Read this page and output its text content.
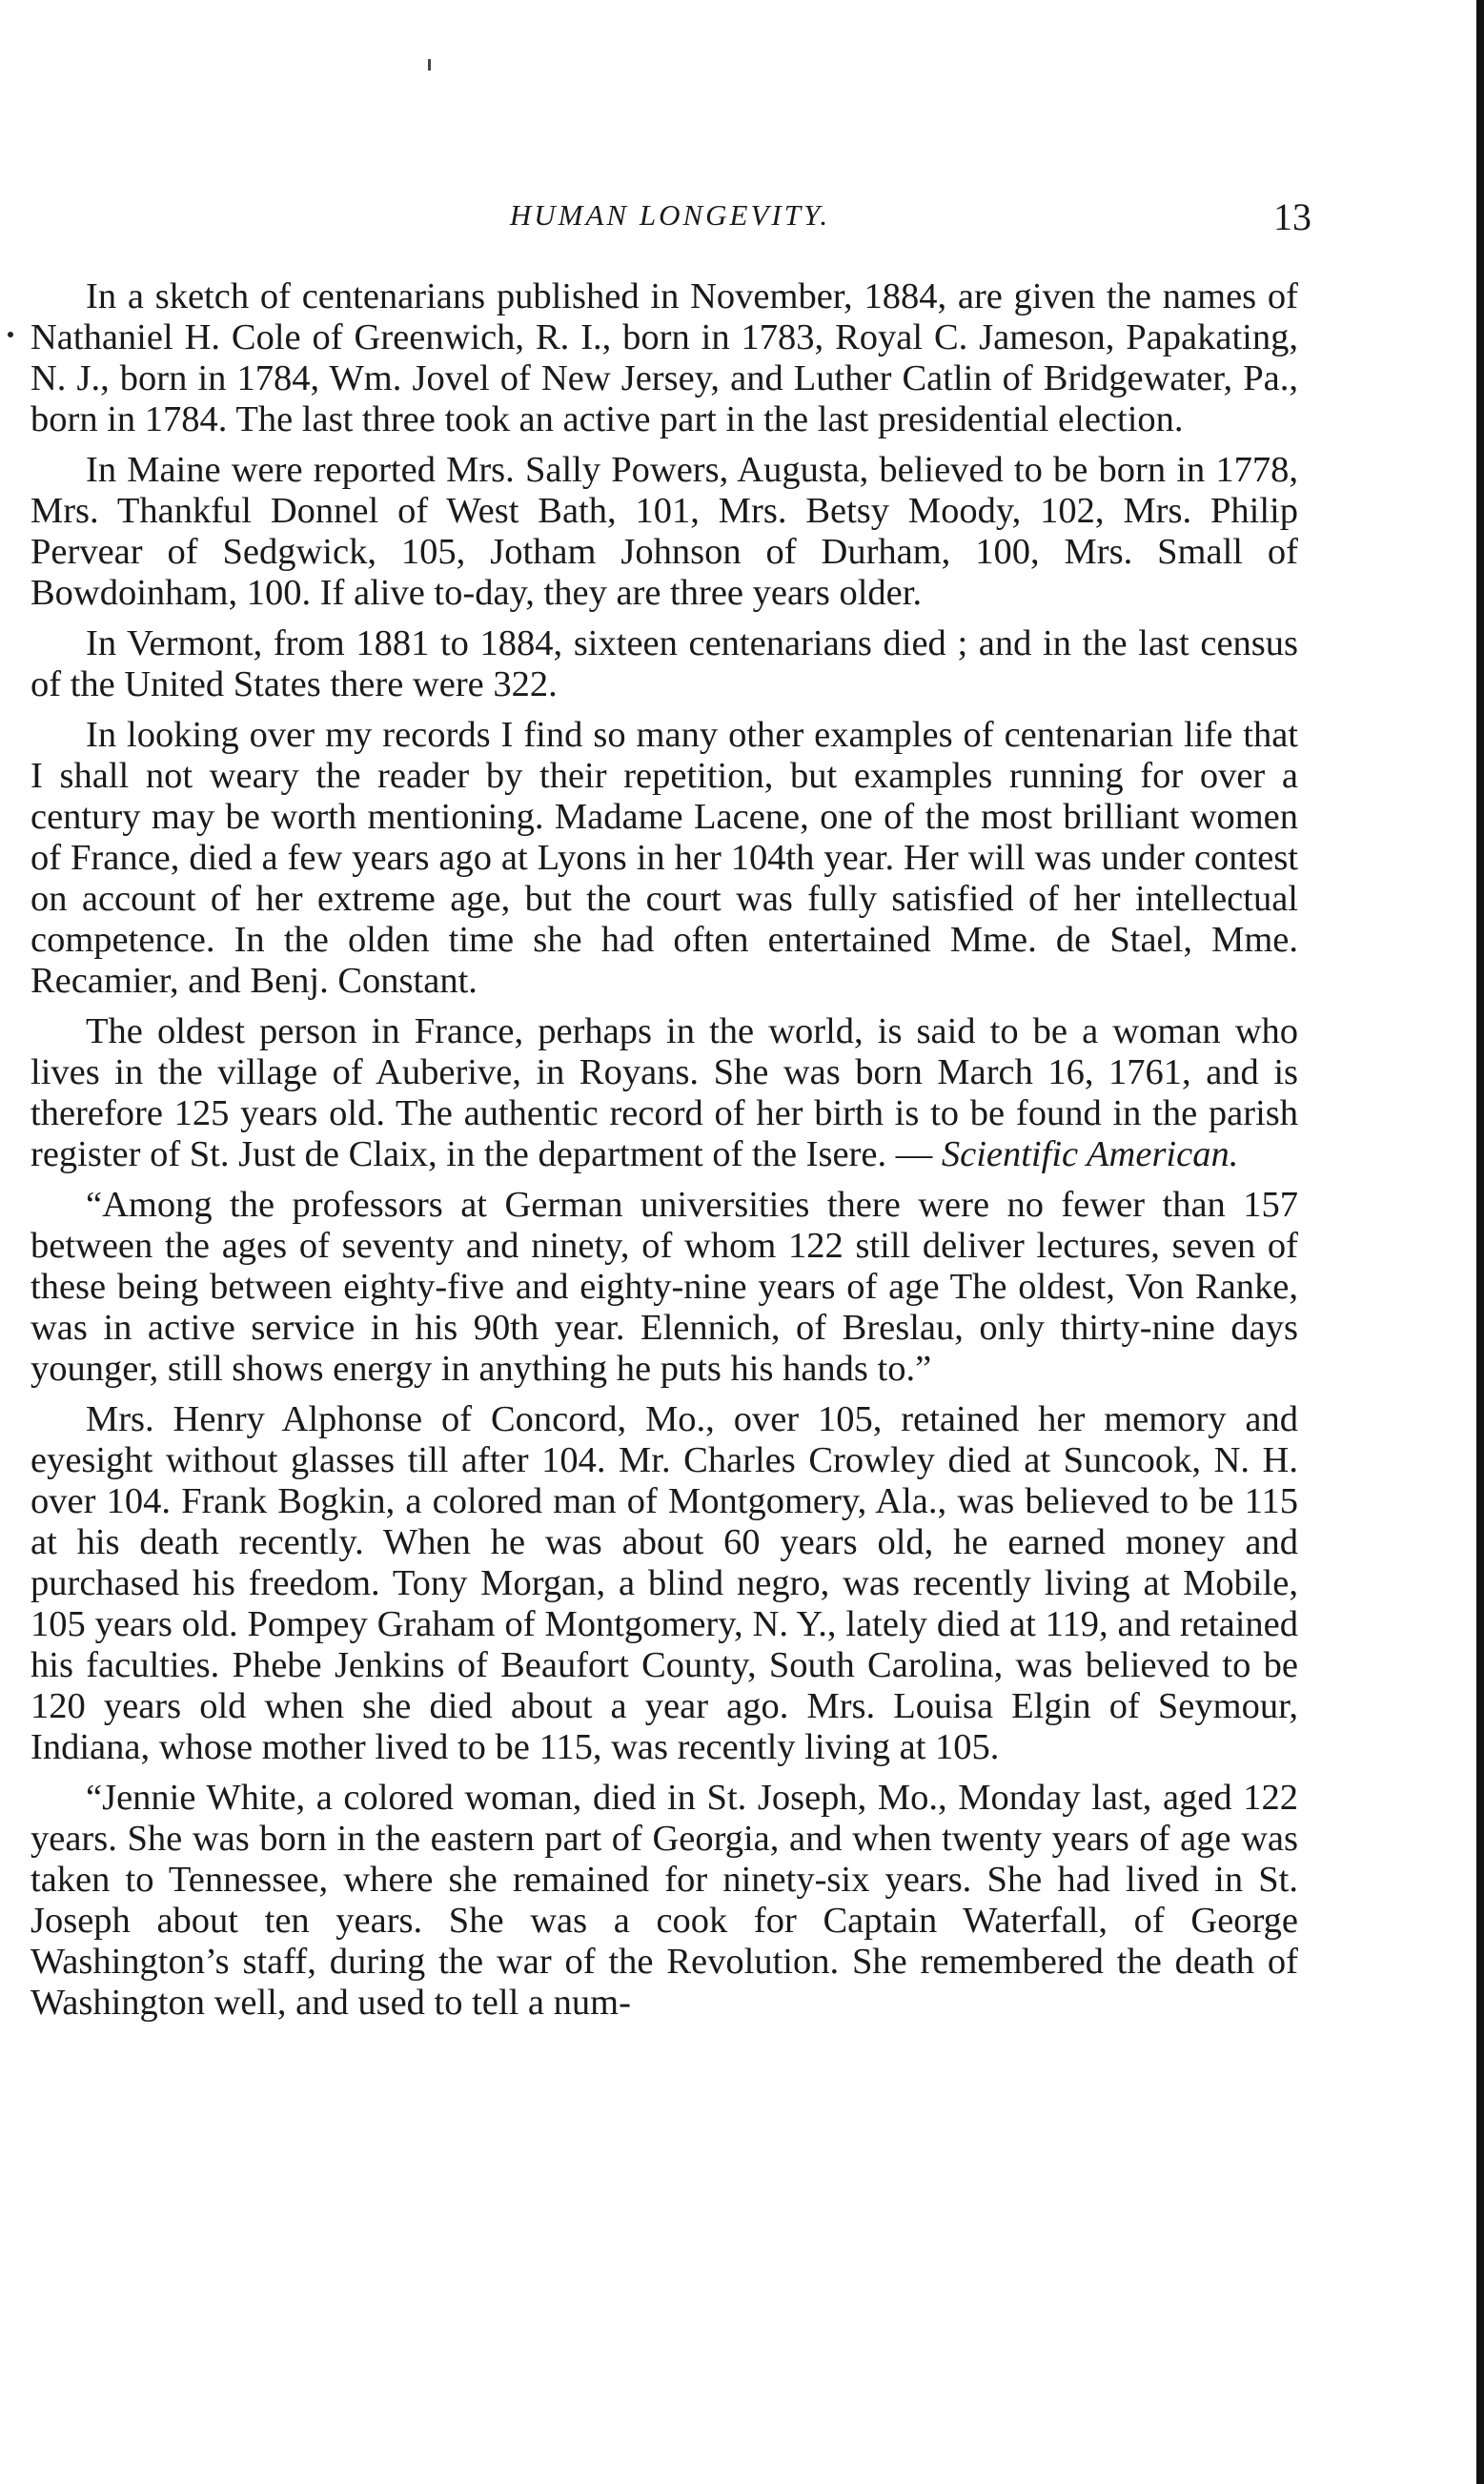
HUMAN LONGEVITY.	13

In a sketch of centenarians published in November, 1884, are given the names of Nathaniel H. Cole of Greenwich, R. I., born in 1783, Royal C. Jameson, Papakating, N. J., born in 1784, Wm. Jovel of New Jersey, and Luther Catlin of Bridgewater, Pa., born in 1784. The last three took an active part in the last presidential election.

In Maine were reported Mrs. Sally Powers, Augusta, believed to be born in 1778, Mrs. Thankful Donnel of West Bath, 101, Mrs. Betsy Moody, 102, Mrs. Philip Pervear of Sedgwick, 105, Jotham Johnson of Durham, 100, Mrs. Small of Bowdoinham, 100. If alive to-day, they are three years older.

In Vermont, from 1881 to 1884, sixteen centenarians died ; and in the last census of the United States there were 322.

In looking over my records I find so many other examples of centenarian life that I shall not weary the reader by their repetition, but examples running for over a century may be worth mentioning. Madame Lacene, one of the most brilliant women of France, died a few years ago at Lyons in her 104th year. Her will was under contest on account of her extreme age, but the court was fully satisfied of her intellectual competence. In the olden time she had often entertained Mme. de Stael, Mme. Recamier, and Benj. Constant.

The oldest person in France, perhaps in the world, is said to be a woman who lives in the village of Auberive, in Royans. She was born March 16, 1761, and is therefore 125 years old. The authentic record of her birth is to be found in the parish register of St. Just de Claix, in the department of the Isere. — Scientific American.

“Among the professors at German universities there were no fewer than 157 between the ages of seventy and ninety, of whom 122 still deliver lectures, seven of these being between eighty-five and eighty-nine years of age The oldest, Von Ranke, was in active service in his 90th year. Elennich, of Breslau, only thirty-nine days younger, still shows energy in anything he puts his hands to.”

Mrs. Henry Alphonse of Concord, Mo., over 105, retained her memory and eyesight without glasses till after 104. Mr. Charles Crowley died at Suncook, N. H. over 104. Frank Bogkin, a colored man of Montgomery, Ala., was believed to be 115 at his death recently. When he was about 60 years old, he earned money and purchased his freedom. Tony Morgan, a blind negro, was recently living at Mobile, 105 years old. Pompey Graham of Montgomery, N. Y., lately died at 119, and retained his faculties. Phebe Jenkins of Beaufort County, South Carolina, was believed to be 120 years old when she died about a year ago. Mrs. Louisa Elgin of Seymour, Indiana, whose mother lived to be 115, was recently living at 105.

“Jennie White, a colored woman, died in St. Joseph, Mo., Monday last, aged 122 years. She was born in the eastern part of Georgia, and when twenty years of age was taken to Tennessee, where she remained for ninety-six years. She had lived in St. Joseph about ten years. She was a cook for Captain Waterfall, of George Washington’s staff, during the war of the Revolution. She remembered the death of Washington well, and used to tell a num-
